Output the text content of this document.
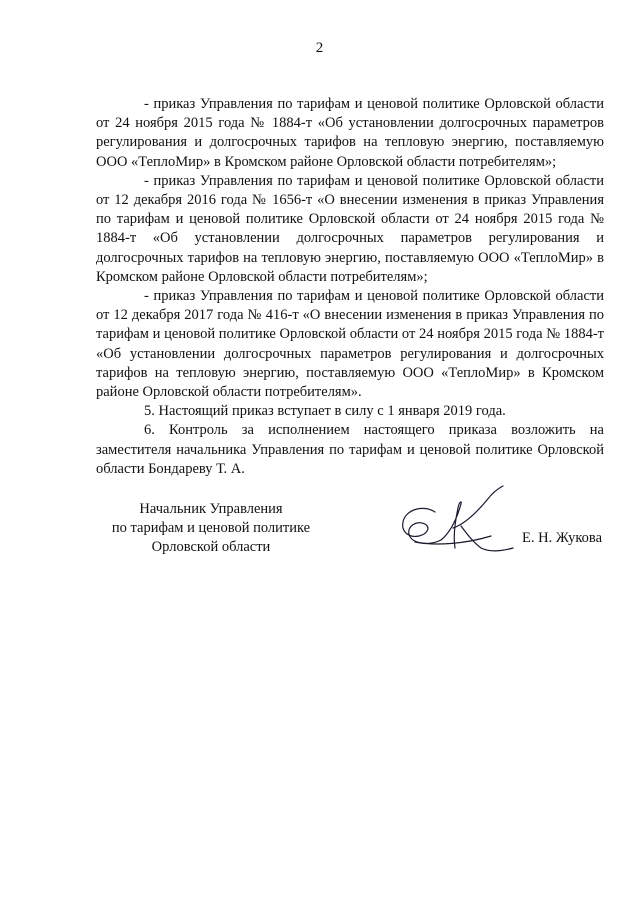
2

- приказ Управления по тарифам и ценовой политике Орловской области от 24 ноября 2015 года № 1884-т «Об установлении долгосрочных параметров регулирования и долгосрочных тарифов на тепловую энергию, поставляемую ООО «ТеплоМир» в Кромском районе Орловской области потребителям»;

- приказ Управления по тарифам и ценовой политике Орловской области от 12 декабря 2016 года № 1656-т «О внесении изменения в приказ Управления по тарифам и ценовой политике Орловской области от 24 ноября 2015 года № 1884-т «Об установлении долгосрочных параметров регулирования и долгосрочных тарифов на тепловую энергию, поставляемую ООО «ТеплоМир» в Кромском районе Орловской области потребителям»;

- приказ Управления по тарифам и ценовой политике Орловской области от 12 декабря 2017 года № 416-т «О внесении изменения в приказ Управления по тарифам и ценовой политике Орловской области от 24 ноября 2015 года № 1884-т «Об установлении долгосрочных параметров регулирования и долгосрочных тарифов на тепловую энергию, поставляемую ООО «ТеплоМир» в Кромском районе Орловской области потребителям».

5. Настоящий приказ вступает в силу с 1 января 2019 года.

6. Контроль за исполнением настоящего приказа возложить на заместителя начальника Управления по тарифам и ценовой политике Орловской области Бондареву Т. А.

Начальник Управления
по тарифам и ценовой политике
Орловской области
Е. Н. Жукова
